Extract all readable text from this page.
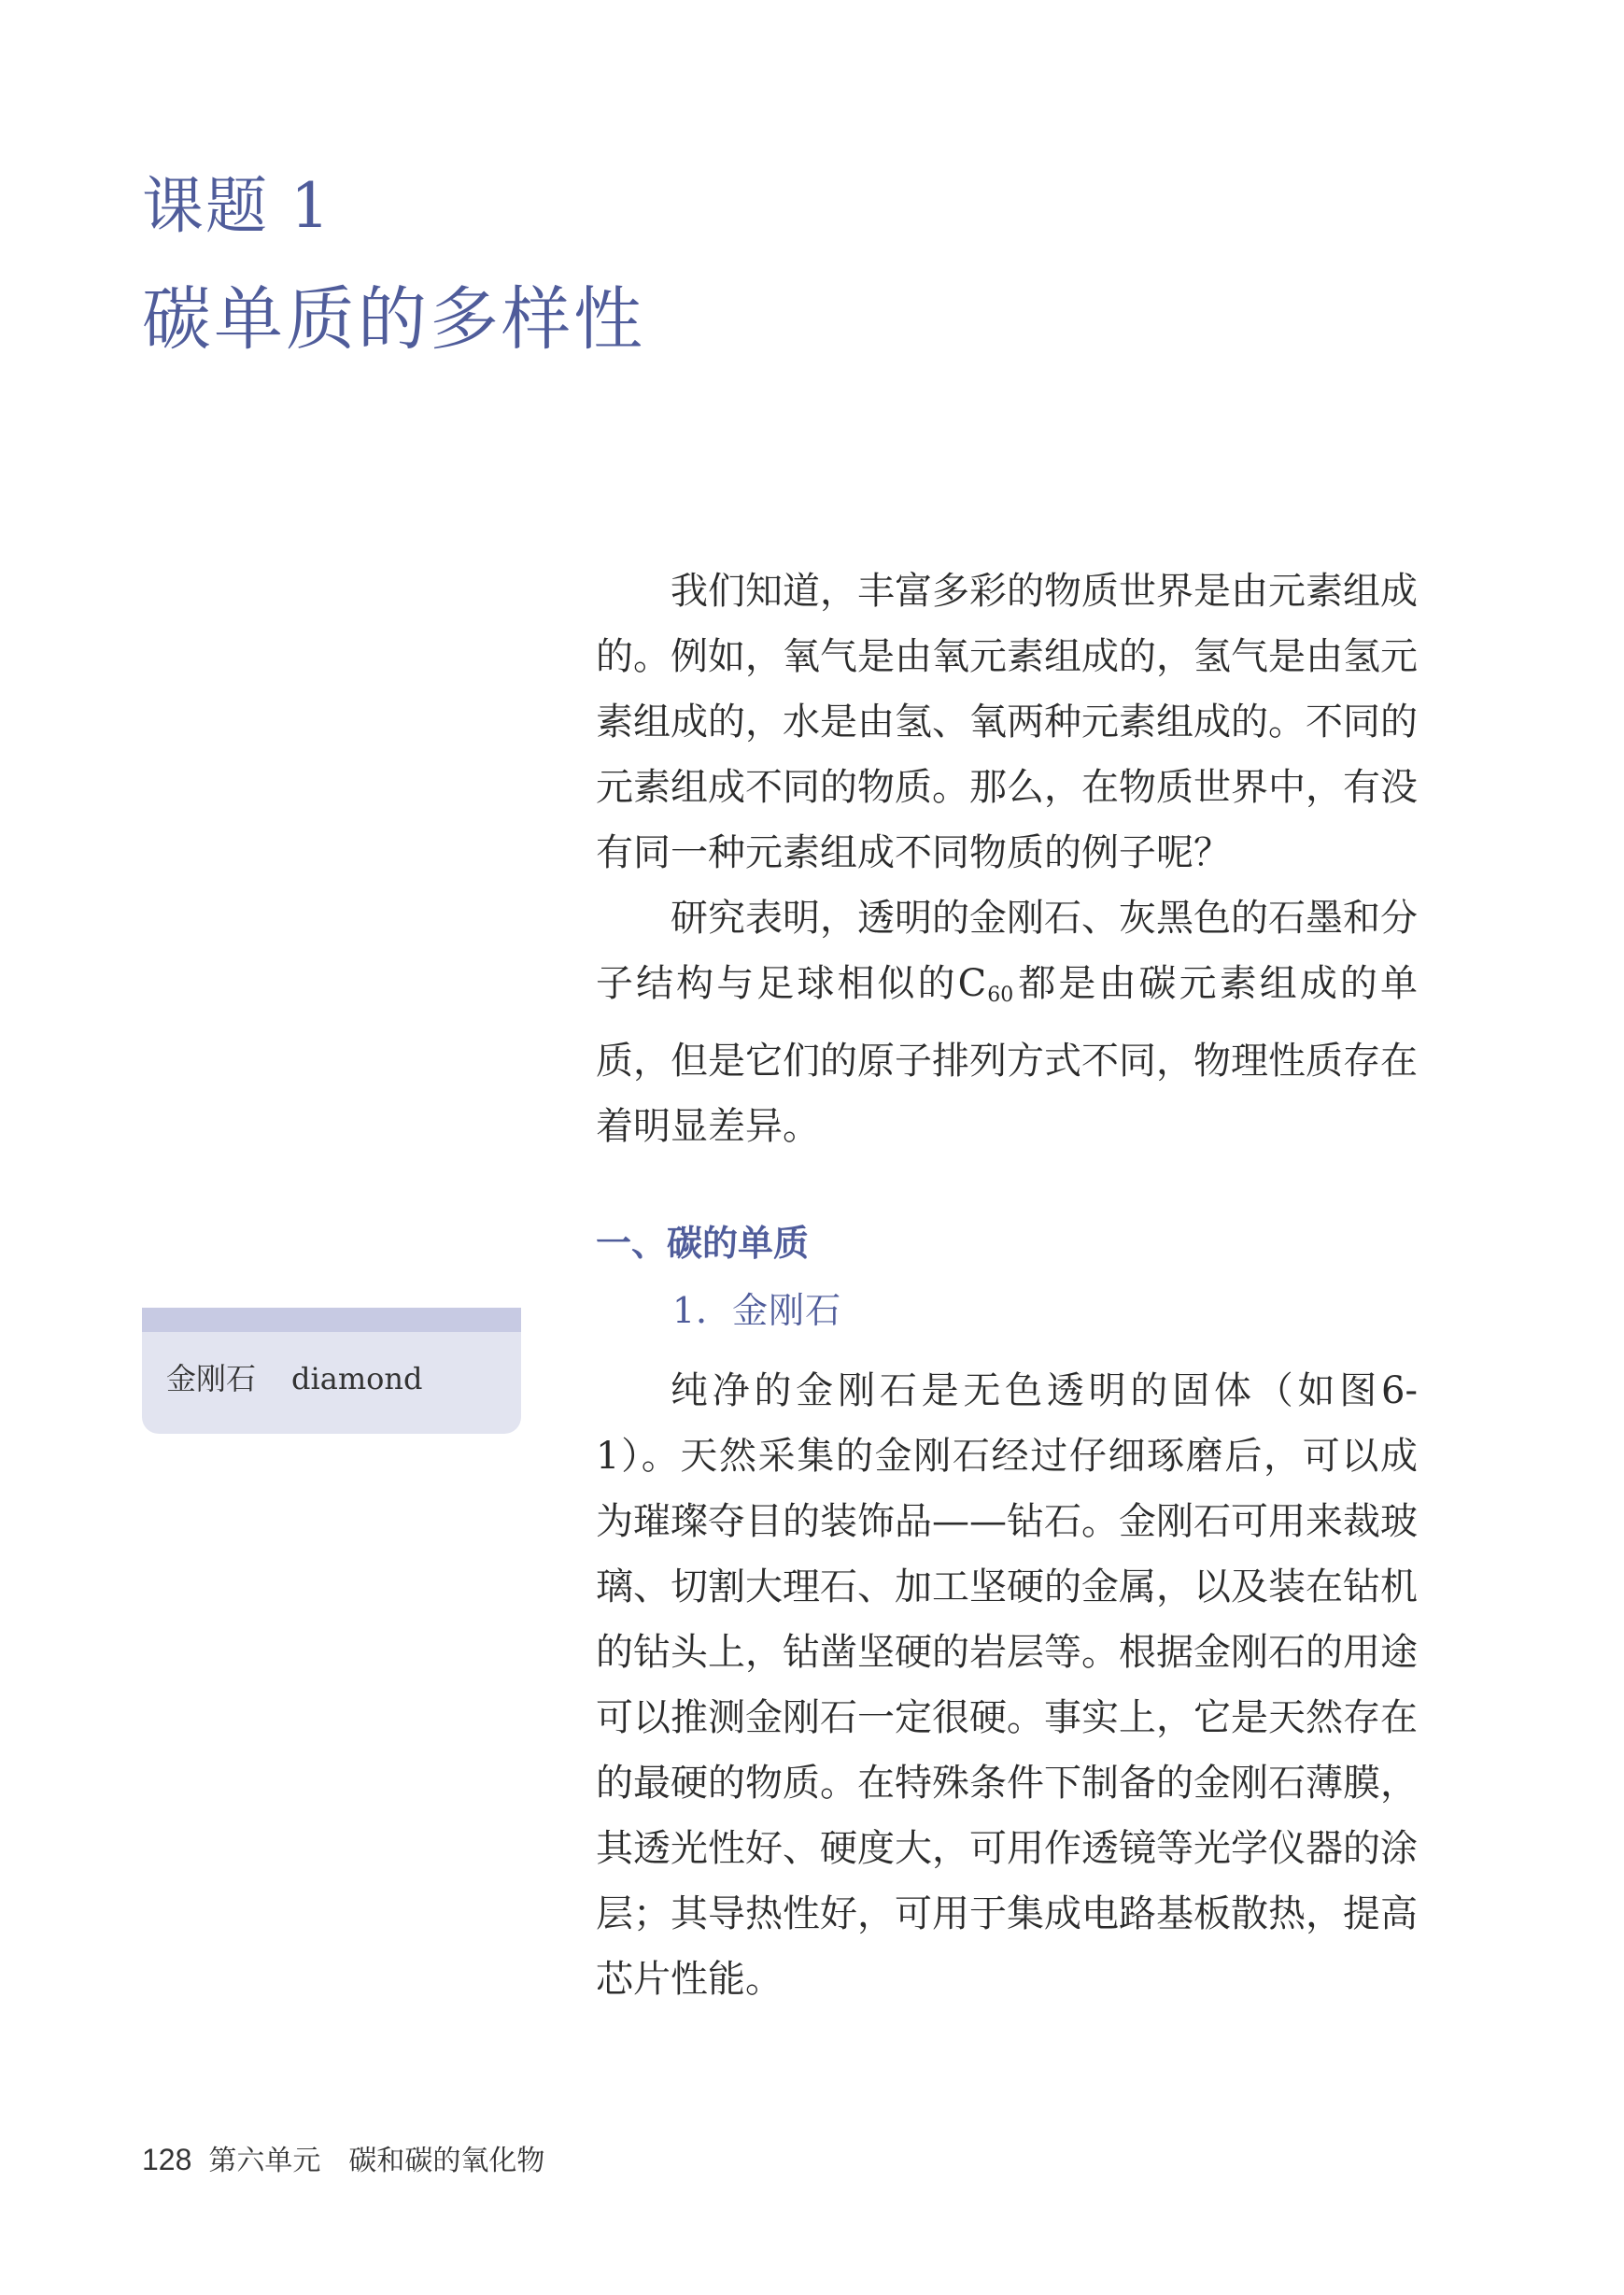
课题 1
碳单质的多样性

我们知道，丰富多彩的物质世界是由元素组成的。例如，氧气是由氧元素组成的，氢气是由氢元素组成的，水是由氢、氧两种元素组成的。不同的元素组成不同的物质。那么，在物质世界中，有没有同一种元素组成不同物质的例子呢？

研究表明，透明的金刚石、灰黑色的石墨和分子结构与足球相似的$C_{60}$都是由碳元素组成的单质，但是它们的原子排列方式不同，物理性质存在着明显差异。

一、碳的单质
1．金刚石

纯净的金刚石是无色透明的固体（如图6-1）。天然采集的金刚石经过仔细琢磨后，可以成为璀璨夺目的装饰品——钻石。金刚石可用来裁玻璃、切割大理石、加工坚硬的金属，以及装在钻机的钻头上，钻凿坚硬的岩层等。根据金刚石的用途可以推测金刚石一定很硬。事实上，它是天然存在的最硬的物质。在特殊条件下制备的金刚石薄膜，其透光性好、硬度大，可用作透镜等光学仪器的涂层；其导热性好，可用于集成电路基板散热，提高芯片性能。

金刚石 diamond
128 第六单元 碳和碳的氧化物
